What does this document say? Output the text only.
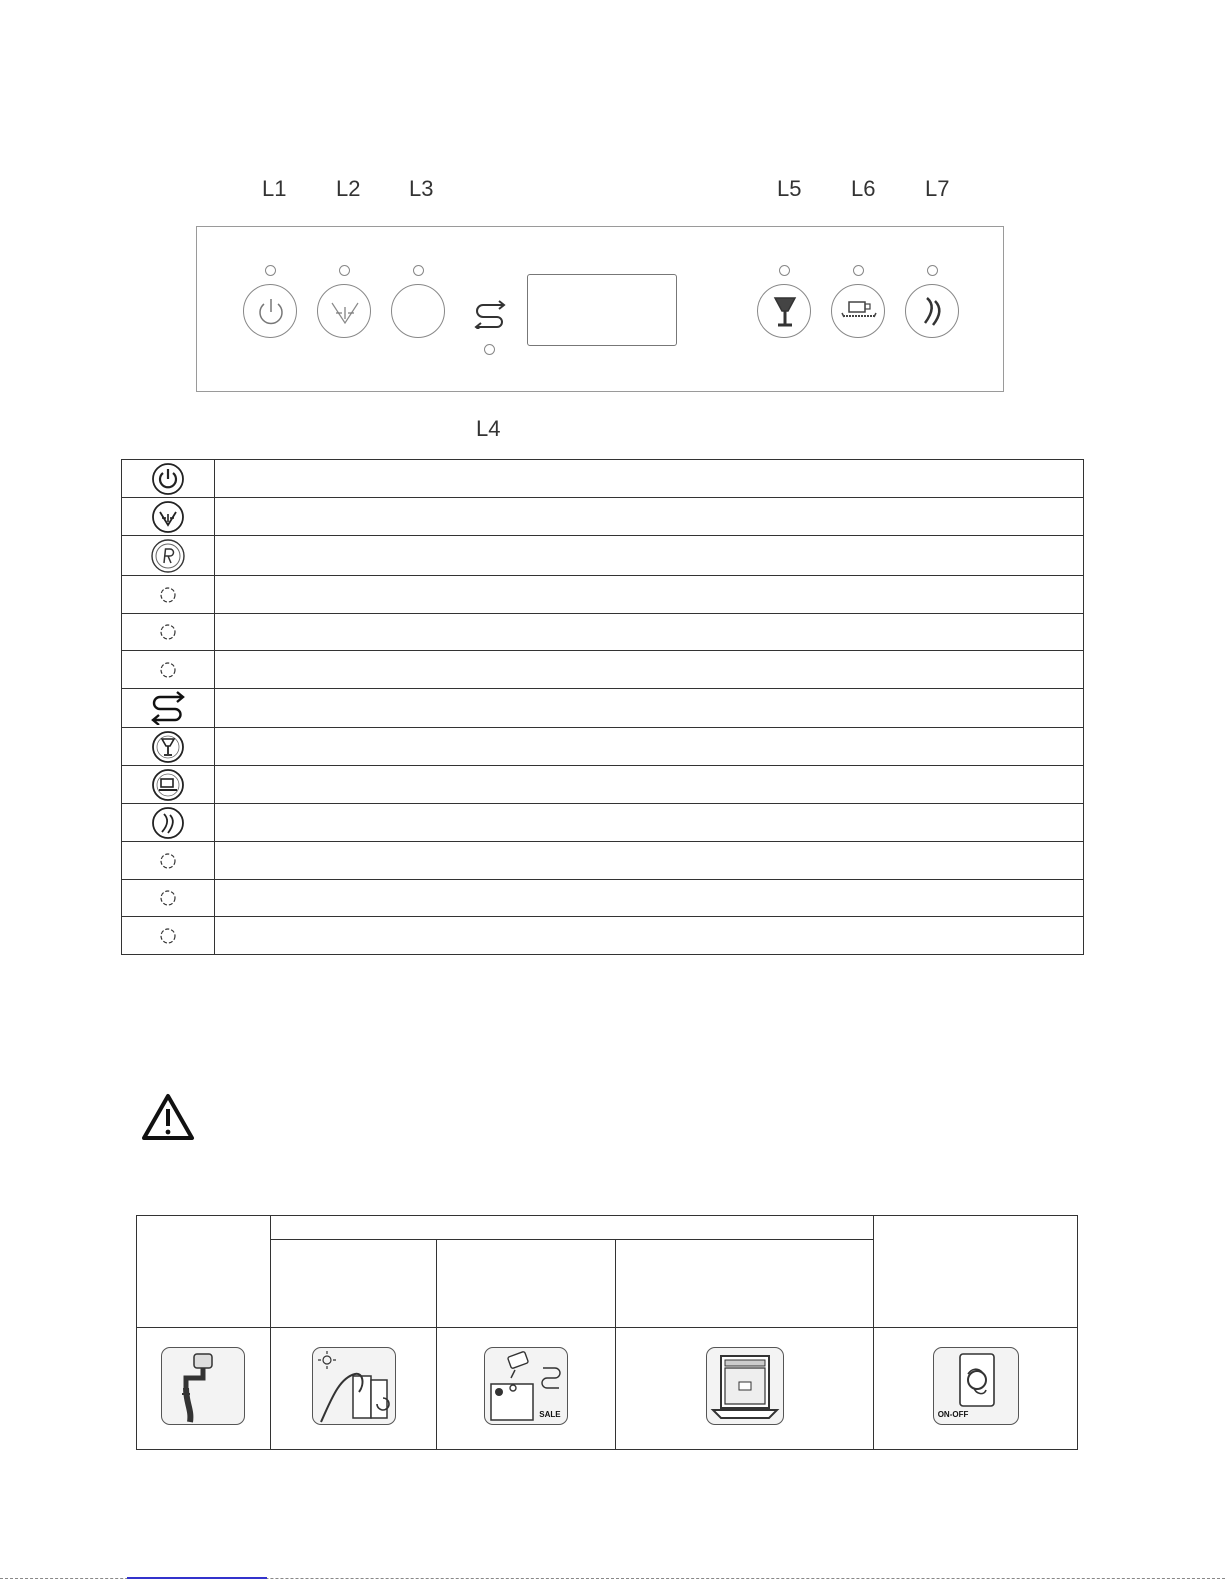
L1 L2 L3	L5 L6 L7
L4

SALE		ON-OFF
